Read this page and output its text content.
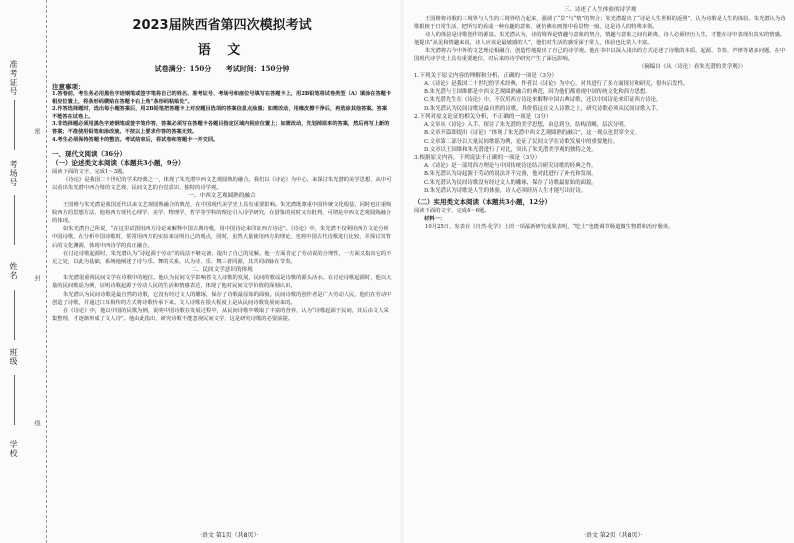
准考证号
考场号
姓名
班级
学校
密
封
线
2023届陕西省第四次模拟考试
语 文
试卷满分：150分 考试时间：150分钟
注意事项：
1.答卷前，考生务必用黑色字迹钢笔或签字笔将自己的姓名、准考证号、考场号和座位号填写在答题卡上，用2B铅笔将试卷类型（A）填涂在答题卡相应位置上，将条形码横贴在答题卡右上角“条形码粘贴处”。
2.作答选择题时，选出每小题答案后，用2B铅笔把答题卡上对应题目选项的答案信息点涂黑；如需改动，用橡皮擦干净后，再选涂其他答案。答案不能答在试卷上。
3.非选择题必须用黑色字迹钢笔或签字笔作答，答案必须写在答题卡各题目指定区域内相应位置上；如需改动，先划掉原来的答案，然后再写上新的答案；不准使用铅笔和涂改液。不按以上要求作答的答案无效。
4.考生必须保持答题卡的整洁。考试结束后，将试卷和答题卡一并交回。
一、现代文阅读（36分）
（一）论述类文本阅读（本题共3小题，9分）
阅读下面的文字，完成1～3题。
《诗论》是我国二十世纪的学术经典之一，体现了朱光潜中西文艺观圆熟的融合。我们以《诗论》为中心，来探讨朱光潜的美学思想，从中可以看出朱光潜中西合璧的文艺观、民间文艺的自觉意识、独特的诗学观。
一、中西文艺观圆熟的融合
王国维与朱光潜是我国近代以来文艺观圆熟融合的典范，在中国现代美学史上具有重要影响。朱光潜既尊重中国传统文化根基，同时也注重吸收西方的思想方法，他将西方现代心理学、美学、物理学、哲学等学科的理论引入诗学研究，在借鉴的同时又有批判，可谓是中西文艺观圆熟融合的体现。
如朱光潜自己所说，“在这里试图用西方诗论来解释中国古典诗歌，用中国诗论来印证西方诗论”。《诗论》中，朱光潜不仅利用西方文论分析中国诗歌，在分析中国诗歌时，常常用西方的实验来证明自己的观点，同时，虽然大量使用西方的理论，也将中国古代诗歌进行比较，并探讨其背后的文化渊源，体现中西诗学的真正融合。
在讨论诗歌起源时，朱光潜认为“诗起源于劳动”的说法不够完备，提出了自己的见解。他一方面肯定了劳动说的合理性，一方面又指出它的不足之处，以此为基础，系统地阐述了诗与乐、舞的关系，认为诗、乐、舞三者同源，其共同命脉在节奏。
二、民间文学意识的体现
朱光潜很重视民间文学在诗歌中的地位。他认为民间文学影响着文人诗歌的发展，民间的歌谣是诗歌的源头活水。在讨论诗歌起源时，他以大量的民间歌谣为例，证明诗歌起源于劳动人民的生活和情感表达，体现了他对民间文学价值的深刻认识。
朱光潜认为民间诗歌是最自然的诗歌，它没有经过文人的雕琢，保存了诗歌最原始的面貌。民间诗歌的创作者是广大劳动人民，他们在劳动中创造了诗歌，并通过口耳相传的方式将诗歌传承下来。文人诗歌在很大程度上是从民间诗歌发展而来的。
在《诗论》中，他以中国的民歌为例，说明中国诗歌在发展过程中，从民间诗歌中吸取了丰富的营养，认为“诗歌起源于民间，其后由文人采集整理，才逐渐形成了文人诗”。他由此指出，研究诗歌不能忽视民间文学，这是研究诗歌的必要前提。
·语文 第1页（共8页）·
三、诗述了人生体验的诗学观
王国维将诗歌的三境界与人生的三境界结合起来，强调了“景”与“情”的契合；朱光潜提出了“诗是人生世相的返照”，认为诗歌是人生的体验。朱光潜认为诗歌根植于日常生活，把所写的看成一种有趣的意象，就仿佛在画图中看景物一般，这是诗人的特殊本领。
诗人的体验是诗歌创作的源泉。朱光潜认为，诗的境界是情趣与意象的契合，情趣与意象之间有距离，诗人必须经历人生，才能在诗中表现出真实的情感。他提出“从见和情趣来说，诗人应该是最敏感的人”，他们对生活的感受深于常人，体验也比常人丰富。
朱光潜将古今中外的文艺理论相融合，创造性地提出了自己的诗学观。他在书中以深入浅出的方式论述了诗歌的本质、起源、节奏、声律等诸多问题，在中国现代诗学史上具有重要地位，对后来的诗学研究产生了深远影响。
（摘编自《从〈诗论〉看朱光潜的美学观》）
1.下列关于原文内容的理解和分析，正确的一项是（3分）
A.《诗论》是我国二十世纪的学术经典，作者以《诗论》为中心，对其进行了多方面探讨和研究，很有启发性。
B.朱光潜与王国维都是中西文艺观圆熟融合的典范，因为他们都重视中国传统文化和西方思想。
C.朱光潜先生在《诗论》中，不仅用西方诗论来解释中国古典诗歌，还以中国诗论来印证西方诗论。
D.朱光潜认为民间诗歌是最自然的诗歌，其价值远在文人诗歌之上，研究诗歌必须从民间诗歌入手。
2.下列对原文论证的相关分析，不正确的一项是（3分）
A.文章从《诗论》入手，探讨了朱光潜的美学思想，由总到分，结构清晰，层次分明。
B.文章开篇即提出《诗论》“体现了朱光潜中西文艺观圆熟的融合”，这一观点也贯穿全文。
C.文章第二部分以大量民间歌谣为例，论证了民间文学在诗歌发展中的重要地位。
D.文章以王国维和朱光潜进行了对比，突出了朱光潜美学观的独特之处。
3.根据原文内容，下列说法不正确的一项是（3分）
A.《诗论》是一部用西方理论与中国传统诗论结合研究诗歌的经典之作。
B.朱光潜认为诗起源于劳动的说法并不完备，他对此进行了补充和发展。
C.朱光潜认为民间诗歌没有经过文人的雕琢，保存了诗歌最原始的面貌。
D.朱光潜认为诗歌是人生的体验，诗人必须经历人生才能写出好诗。
（二）实用类文本阅读（本题共3小题，12分）
阅读下面的文字，完成4～6题。
材料一：
10月25日，发表在《自然·化学》上的一项最新研究成果表明，“吃土”也能调节肠道微生物群和治疗肠炎。
·语文 第2页（共8页）·
